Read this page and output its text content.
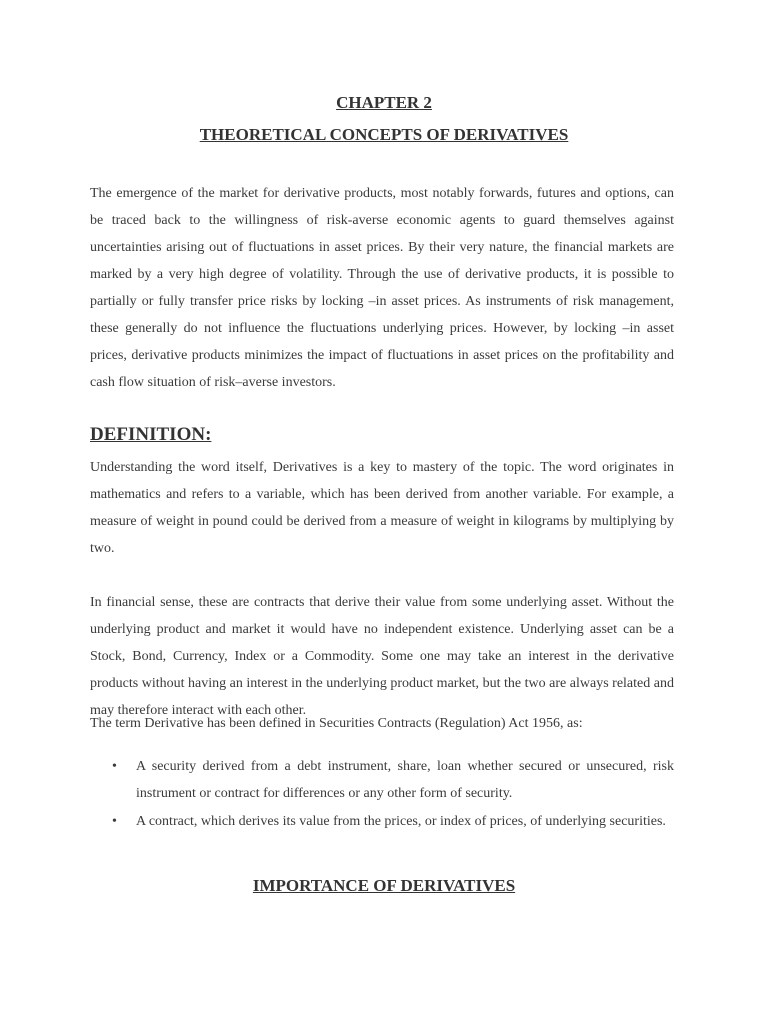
CHAPTER 2
THEORETICAL CONCEPTS OF DERIVATIVES

The emergence of the market for derivative products, most notably forwards, futures and options, can be traced back to the willingness of risk-averse economic agents to guard themselves against uncertainties arising out of fluctuations in asset prices. By their very nature, the financial markets are marked by a very high degree of volatility. Through the use of derivative products, it is possible to partially or fully transfer price risks by locking –in asset prices. As instruments of risk management, these generally do not influence the fluctuations underlying prices. However, by locking –in asset prices, derivative products minimizes the impact of fluctuations in asset prices on the profitability and cash flow situation of risk–averse investors.

DEFINITION:

Understanding the word itself, Derivatives is a key to mastery of the topic. The word originates in mathematics and refers to a variable, which has been derived from another variable. For example, a measure of weight in pound could be derived from a measure of weight in kilograms by multiplying by two.

In financial sense, these are contracts that derive their value from some underlying asset. Without the underlying product and market it would have no independent existence. Underlying asset can be a Stock, Bond, Currency, Index or a Commodity. Some one may take an interest in the derivative products without having an interest in the underlying product market, but the two are always related and may therefore interact with each other.

The term Derivative has been defined in Securities Contracts (Regulation) Act 1956, as:

• A security derived from a debt instrument, share, loan whether secured or unsecured, risk instrument or contract for differences or any other form of security.
• A contract, which derives its value from the prices, or index of prices, of underlying securities.
IMPORTANCE OF DERIVATIVES
